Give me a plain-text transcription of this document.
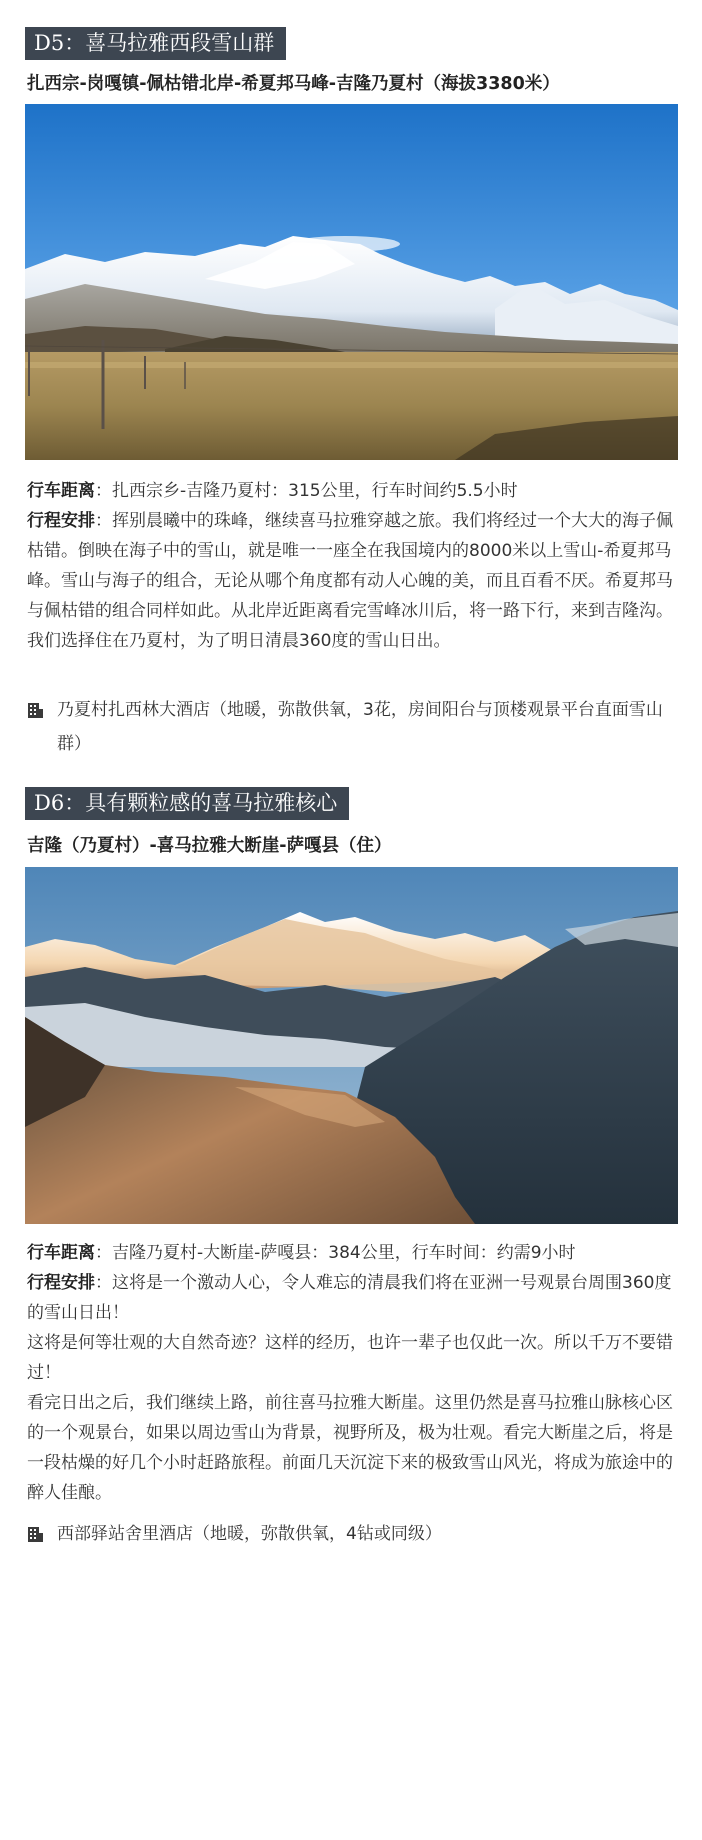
D5：喜马拉雅西段雪山群
扎西宗-岗嘎镇-佩枯错北岸-希夏邦马峰-吉隆乃夏村（海拔3380米）

行车距离：扎西宗乡-吉隆乃夏村：315公里，行车时间约5.5小时

行程安排：挥别晨曦中的珠峰，继续喜马拉雅穿越之旅。我们将经过一个大大的海子佩枯错。倒映在海子中的雪山，就是唯一一座全在我国境内的8000米以上雪山-希夏邦马峰。雪山与海子的组合，无论从哪个角度都有动人心魄的美，而且百看不厌。希夏邦马与佩枯错的组合同样如此。从北岸近距离看完雪峰冰川后，将一路下行，来到吉隆沟。我们选择住在乃夏村，为了明日清晨360度的雪山日出。

乃夏村扎西林大酒店（地暖，弥散供氧，3花，房间阳台与顶楼观景平台直面雪山群）
D6：具有颗粒感的喜马拉雅核心
吉隆（乃夏村）-喜马拉雅大断崖-萨嘎县（住）

行车距离：吉隆乃夏村-大断崖-萨嘎县：384公里，行车时间：约需9小时

行程安排：这将是一个激动人心，令人难忘的清晨我们将在亚洲一号观景台周围360度的雪山日出！

这将是何等壮观的大自然奇迹？这样的经历，也许一辈子也仅此一次。所以千万不要错过！

看完日出之后，我们继续上路，前往喜马拉雅大断崖。这里仍然是喜马拉雅山脉核心区的一个观景台，如果以周边雪山为背景，视野所及，极为壮观。看完大断崖之后，将是一段枯燥的好几个小时赶路旅程。前面几天沉淀下来的极致雪山风光，将成为旅途中的醉人佳酿。

西部驿站舍里酒店（地暖，弥散供氧，4钻或同级）
